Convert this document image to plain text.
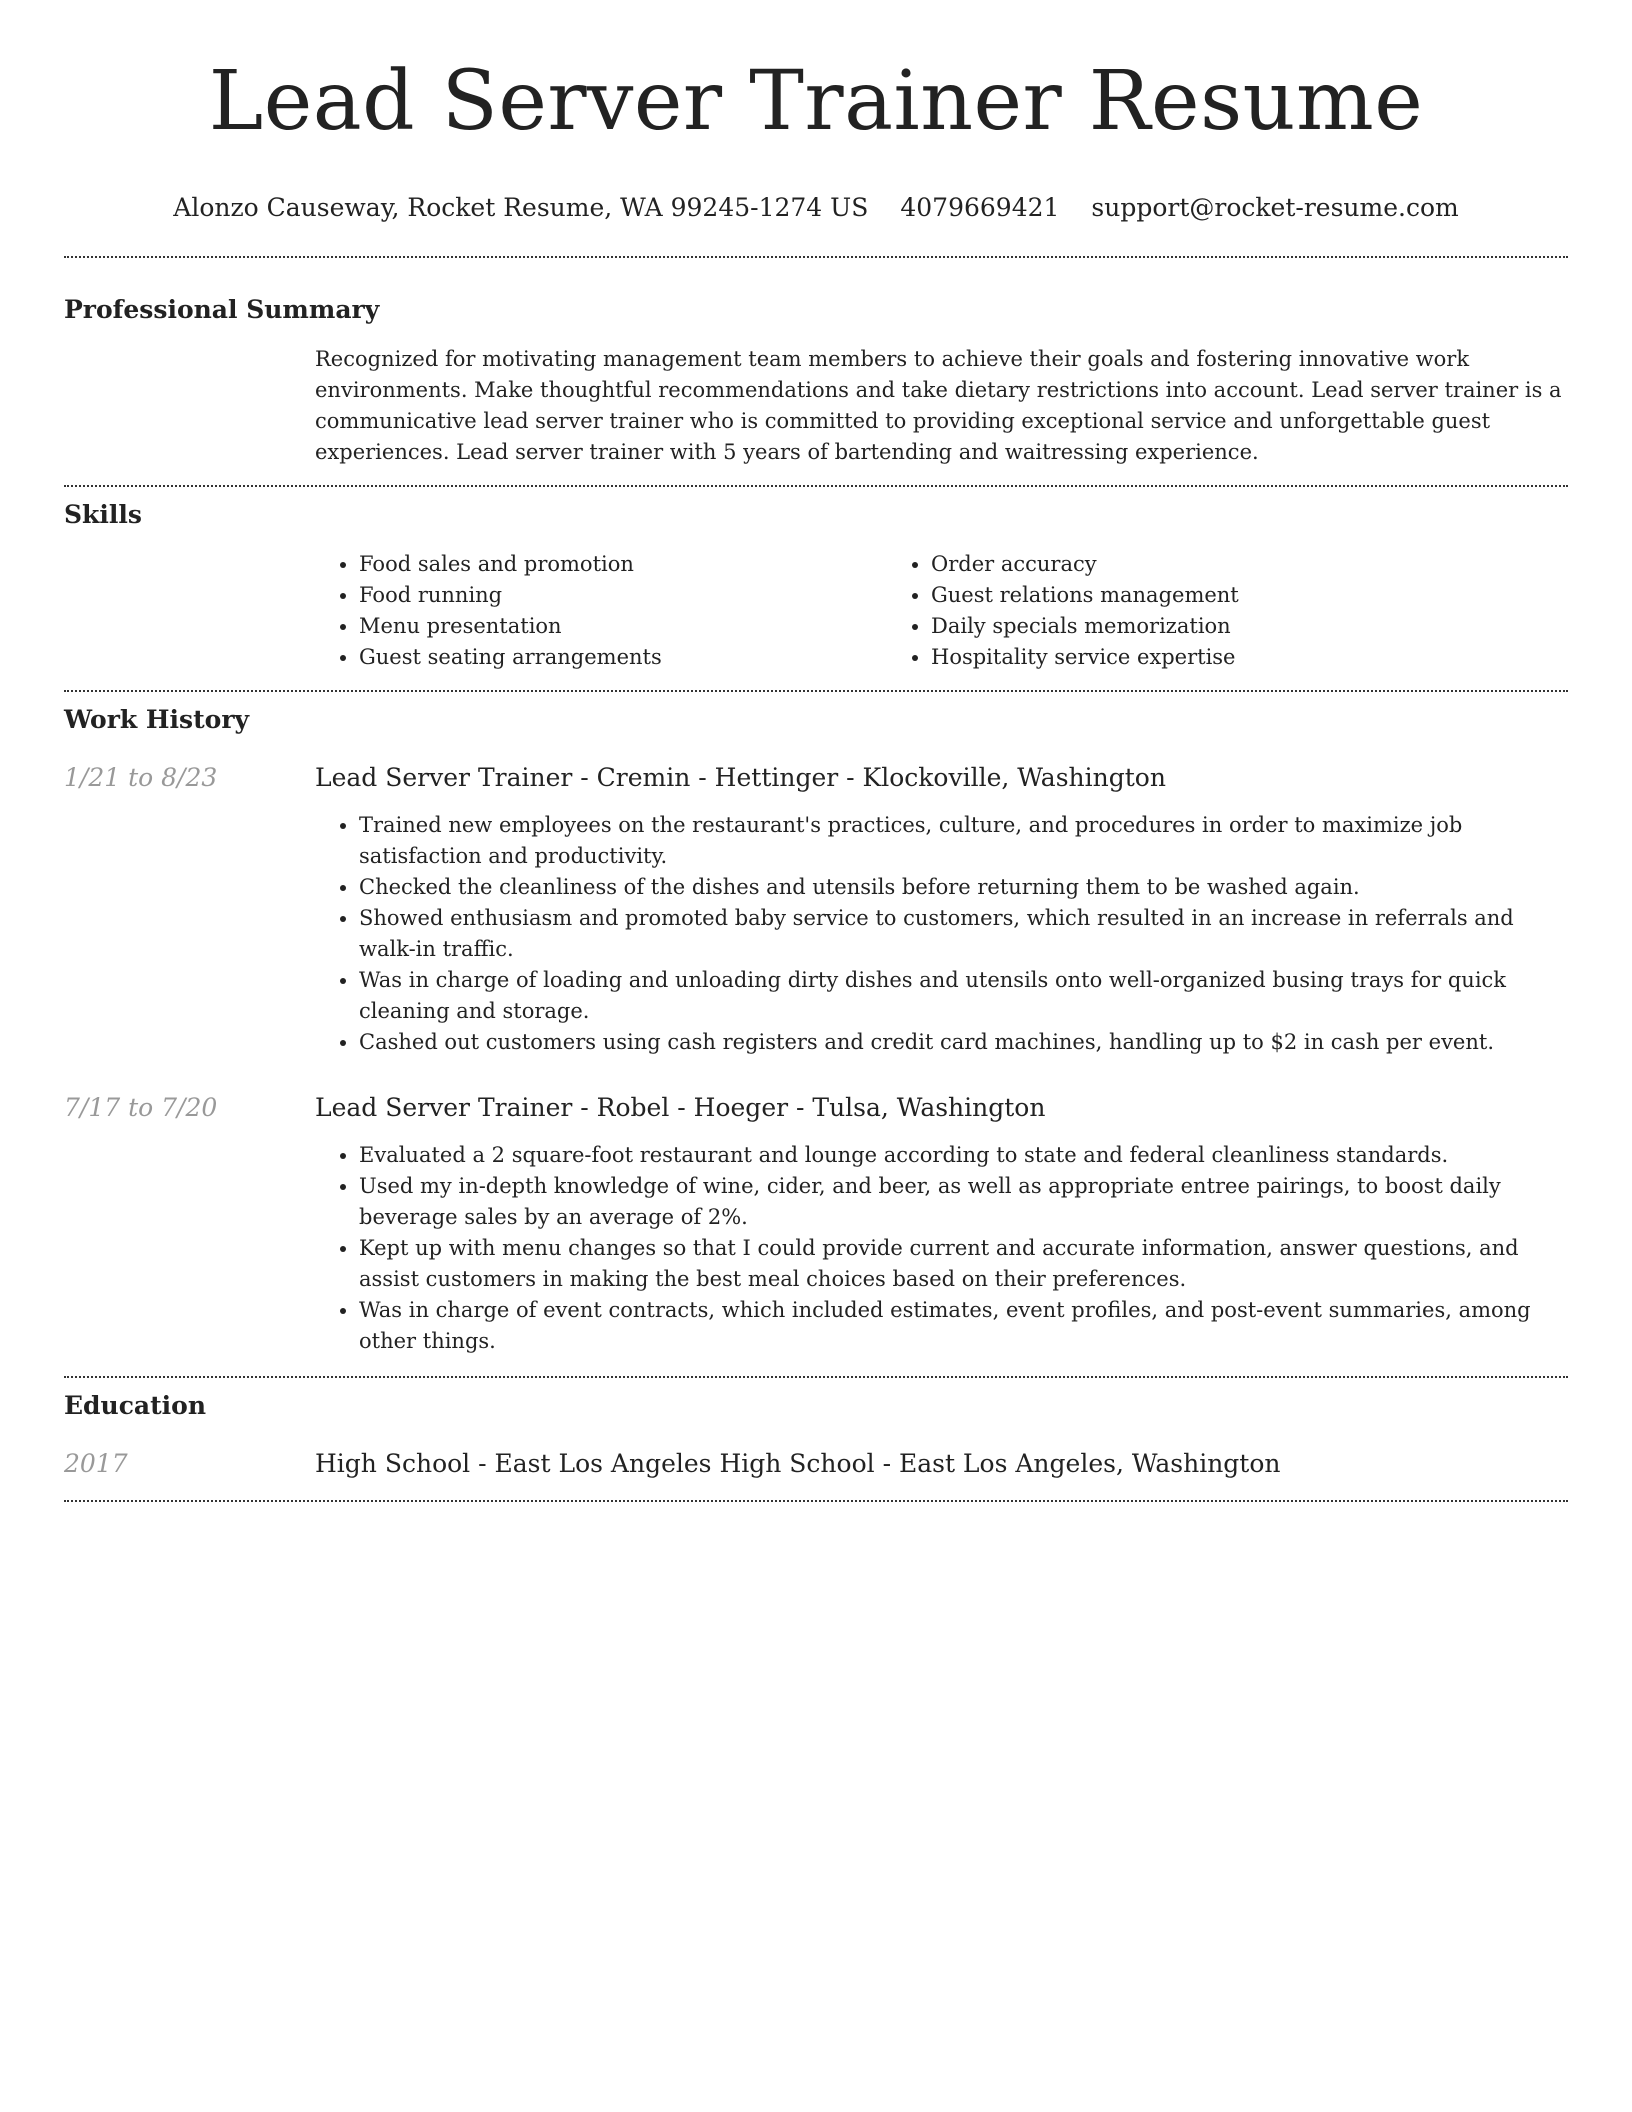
Lead Server Trainer Resume
Alonzo Causeway, Rocket Resume, WA 99245-1274 US 4079669421 support@rocket-resume.com
Professional Summary

Recognized for motivating management team members to achieve their goals and fostering innovative work environments. Make thoughtful recommendations and take dietary restrictions into account. Lead server trainer is a communicative lead server trainer who is committed to providing exceptional service and unforgettable guest experiences. Lead server trainer with 5 years of bartending and waitressing experience.

Skills
• Food sales and promotion
• Food running
• Menu presentation
• Guest seating arrangements
• Order accuracy
• Guest relations management
• Daily specials memorization
• Hospitality service expertise
Work History
1/21 to 8/23	Lead Server Trainer - Cremin - Hettinger - Klockoville, Washington
• Trained new employees on the restaurant's practices, culture, and procedures in order to maximize job satisfaction and productivity.
• Checked the cleanliness of the dishes and utensils before returning them to be washed again.
• Showed enthusiasm and promoted baby service to customers, which resulted in an increase in referrals and walk-in traffic.
• Was in charge of loading and unloading dirty dishes and utensils onto well-organized busing trays for quick cleaning and storage.
• Cashed out customers using cash registers and credit card machines, handling up to $2 in cash per event.
7/17 to 7/20	Lead Server Trainer - Robel - Hoeger - Tulsa, Washington
• Evaluated a 2 square-foot restaurant and lounge according to state and federal cleanliness standards.
• Used my in-depth knowledge of wine, cider, and beer, as well as appropriate entree pairings, to boost daily beverage sales by an average of 2%.
• Kept up with menu changes so that I could provide current and accurate information, answer questions, and assist customers in making the best meal choices based on their preferences.
• Was in charge of event contracts, which included estimates, event profiles, and post-event summaries, among other things.
Education
2017	High School - East Los Angeles High School - East Los Angeles, Washington
